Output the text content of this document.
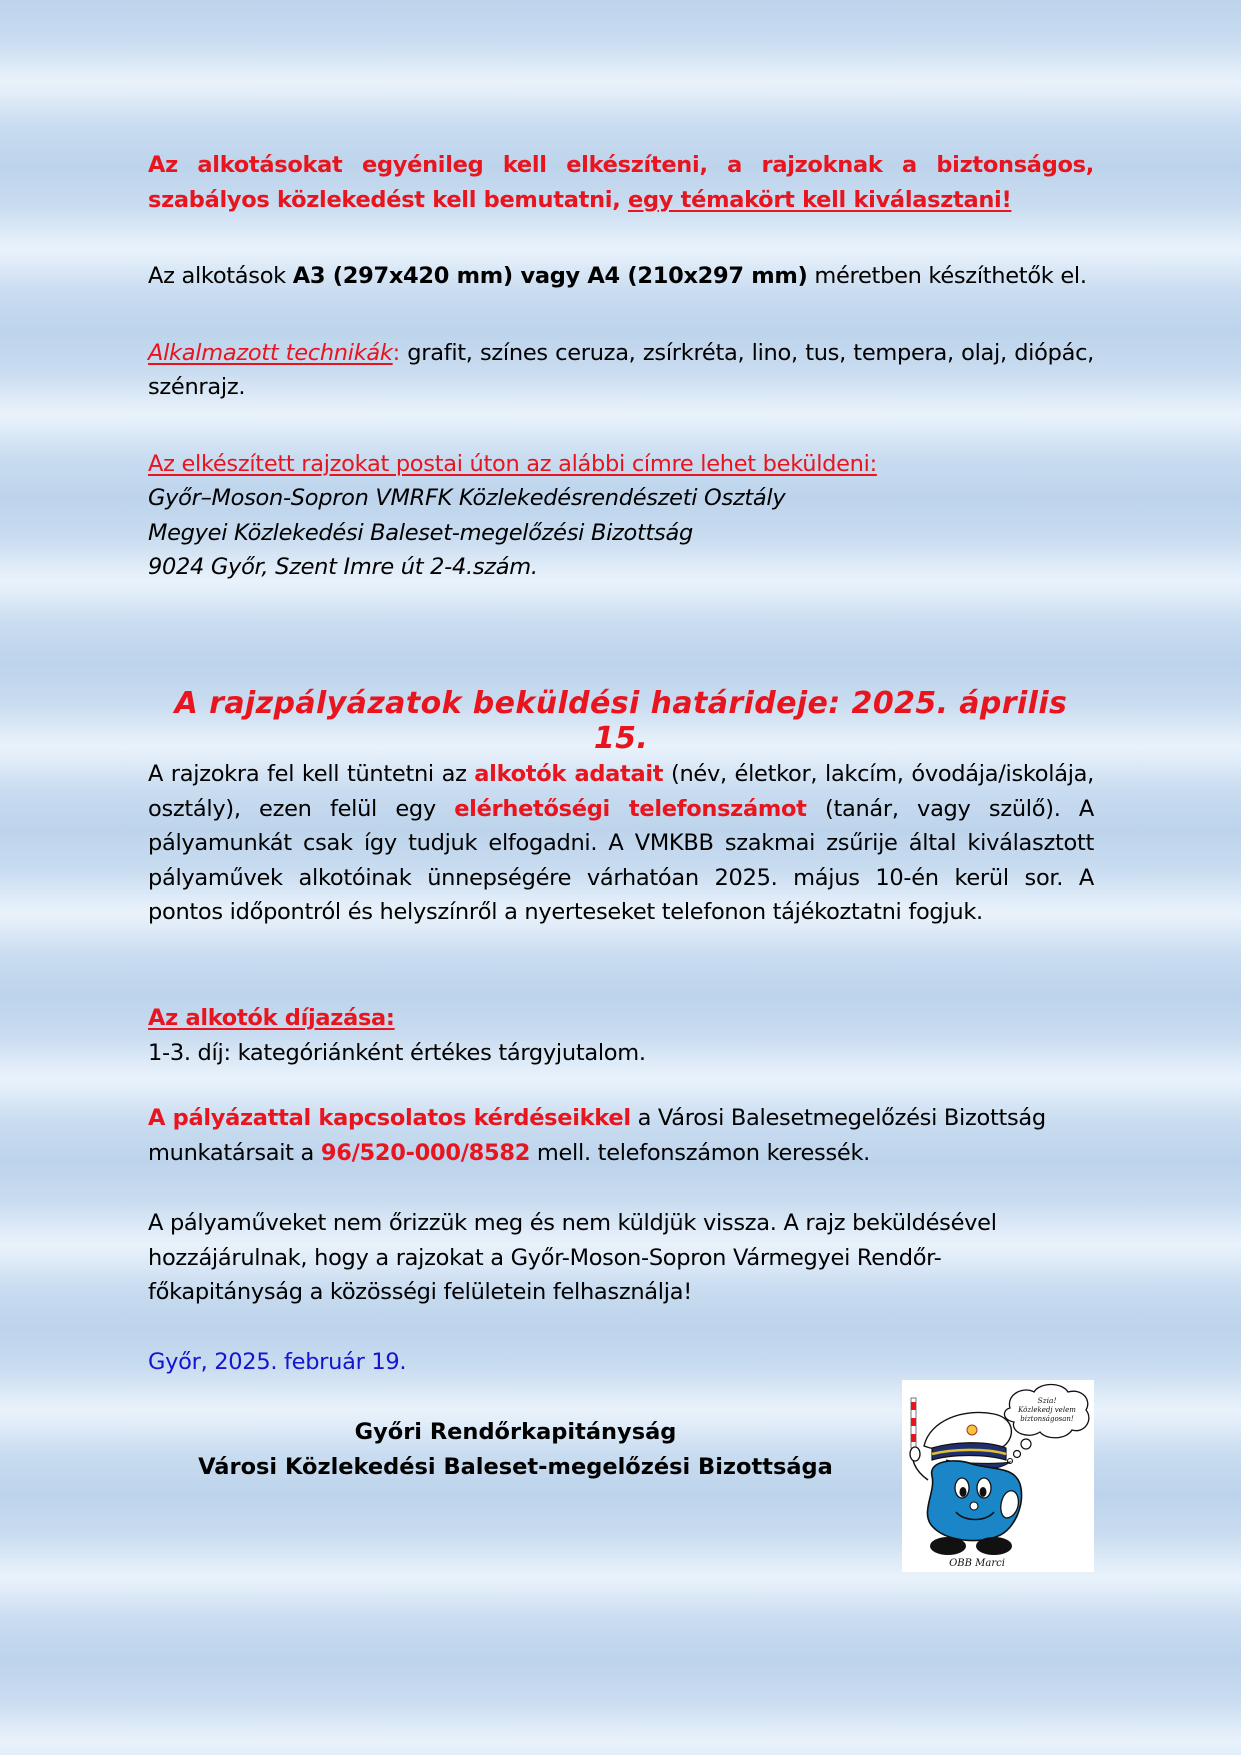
Az alkotásokat egyénileg kell elkészíteni, a rajzoknak a biztonságos, szabályos közlekedést kell bemutatni, egy témakört kell kiválasztani!

Az alkotások A3 (297x420 mm) vagy A4 (210x297 mm) méretben készíthetők el.

Alkalmazott technikák: grafit, színes ceruza, zsírkréta, lino, tus, tempera, olaj, diópác, szénrajz.

Az elkészített rajzokat postai úton az alábbi címre lehet beküldeni:
Győr–Moson-Sopron VMRFK Közlekedésrendészeti Osztály
Megyei Közlekedési Baleset-megelőzési Bizottság
9024 Győr, Szent Imre út 2-4.szám.
A rajzpályázatok beküldési határideje: 2025. április 15.

A rajzokra fel kell tüntetni az alkotók adatait (név, életkor, lakcím, óvodája/iskolája, osztály), ezen felül egy elérhetőségi telefonszámot (tanár, vagy szülő). A pályamunkát csak így tudjuk elfogadni. A VMKBB szakmai zsűrije által kiválasztott pályaművek alkotóinak ünnepségére várhatóan 2025. május 10-én kerül sor. A pontos időpontról és helyszínről a nyerteseket telefonon tájékoztatni fogjuk.

Az alkotók díjazása:
1-3. díj: kategóriánként értékes tárgyjutalom.

A pályázattal kapcsolatos kérdéseikkel a Városi Balesetmegelőzési Bizottság munkatársait a 96/520-000/8582 mell. telefonszámon keressék.

A pályaműveket nem őrizzük meg és nem küldjük vissza. A rajz beküldésével hozzájárulnak, hogy a rajzokat a Győr-Moson-Sopron Vármegyei Rendőr-főkapitányság a közösségi felületein felhasználja!

Győr, 2025. február 19.
Győri Rendőrkapitányság
Városi Közlekedési Baleset-megelőzési Bizottsága
Szia!
Közlekedj velem
biztonságosan!
OBB Marci
